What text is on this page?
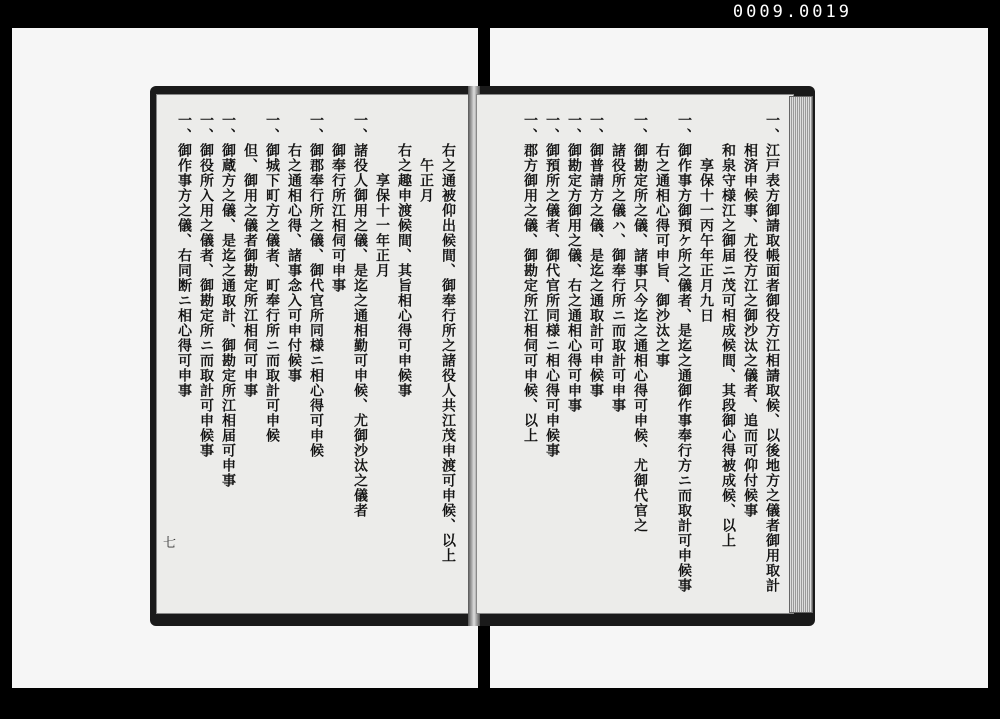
0009.0019
　　右之通被仰出候間、御奉行所之諸役人共江茂申渡可申候、以上
　　　午正月
　　右之趣申渡候間、其旨相心得可申候事
　　　　享保十一年正月
一、諸役人御用之儀、是迄之通相勤可申候、尤御沙汰之儀者
　　御奉行所江相伺可申事
一、御郡奉行所之儀、御代官所同様ニ相心得可申候
　　右之通相心得、諸事念入可申付候事
一、御城下町方之儀者、町奉行所ニ而取計可申候
　　但、御用之儀者御勘定所江相伺可申事
一、御蔵方之儀、是迄之通取計、御勘定所江相届可申事
一、御役所入用之儀者、御勘定所ニ而取計可申候事
一、御作事方之儀、右同断ニ相心得可申事
七	一、江戸表方御請取帳面者御役方江相請取候、以後地方之儀者御用取計
　　相済申候事、尤役方江之御沙汰之儀者、追而可仰付候事
　　和泉守様江之御届ニ茂可相成候間、其段御心得被成候、以上
　　　享保十一丙午年正月九日
一、御作事方御預ケ所之儀者、是迄之通御作事奉行方ニ而取計可申候事
　　右之通相心得可申旨、御沙汰之事
一、御勘定所之儀、諸事只今迄之通相心得可申候、尤御代官之
　　諸役所之儀ハ、御奉行所ニ而取計可申事
一、御普請方之儀、是迄之通取計可申候事
一、御勘定方御用之儀、右之通相心得可申事
一、御預所之儀者、御代官所同様ニ相心得可申候事
一、郡方御用之儀、御勘定所江相伺可申候、以上
